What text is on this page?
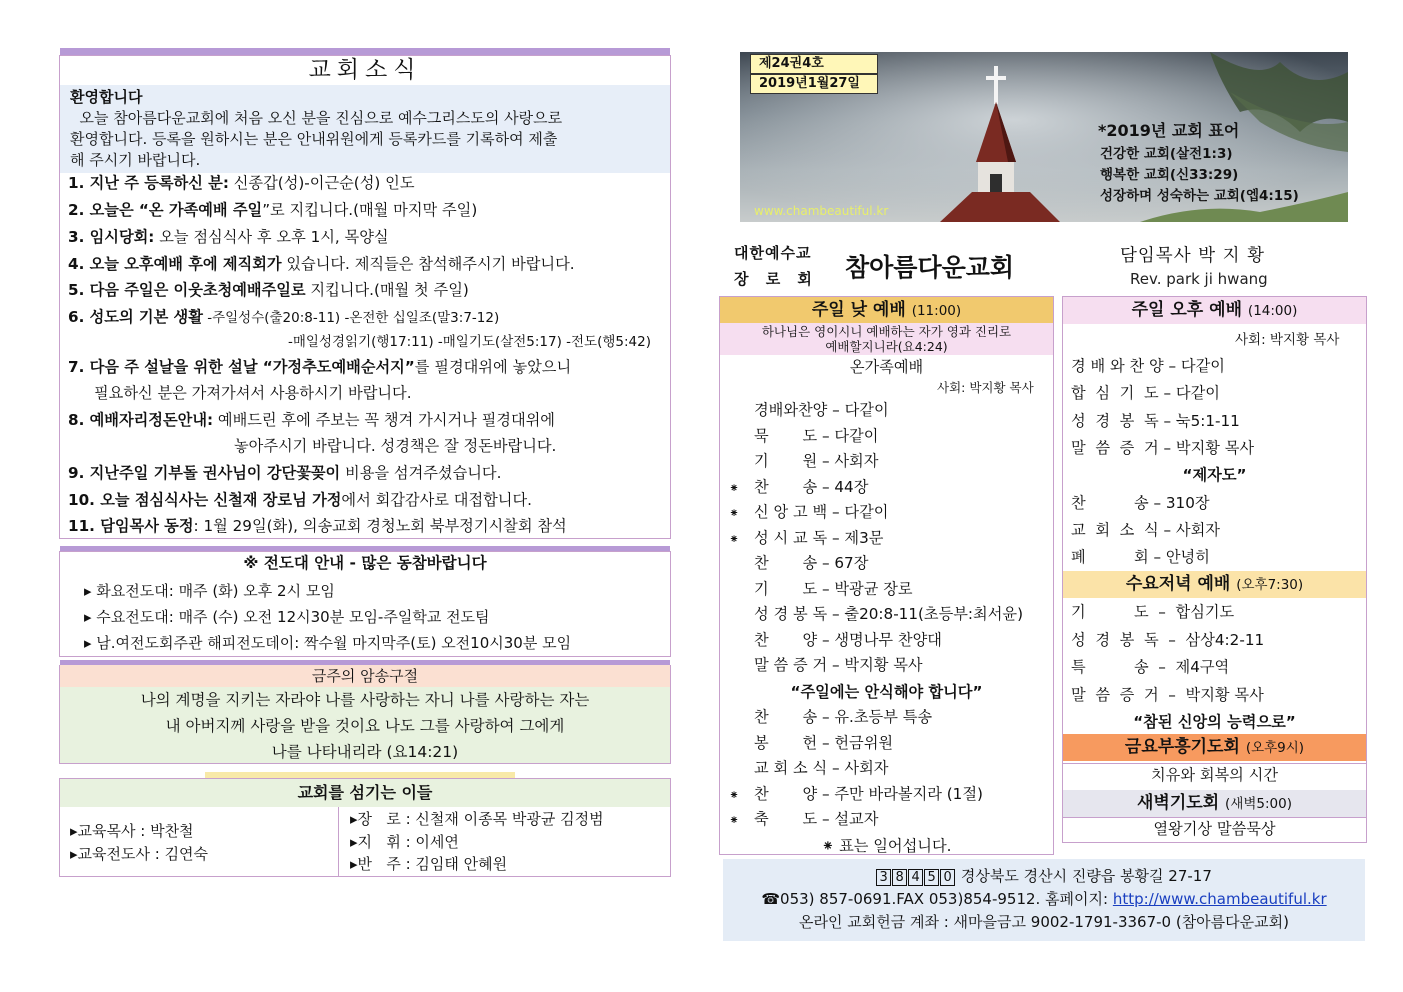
교회소식
환영합니다
오늘 참아름다운교회에 처음 오신 분을 진심으로 예수그리스도의 사랑으로
환영합니다. 등록을 원하시는 분은 안내위원에게 등록카드를 기록하여 제출
해 주시기 바랍니다.
1. 지난 주 등록하신 분: 신종갑(성)-이근순(성) 인도
2. 오늘은 “온 가족예배 주일”로 지킵니다.(매월 마지막 주일)
3. 임시당회: 오늘 점심식사 후 오후 1시, 목양실
4. 오늘 오후예배 후에 제직회가 있습니다. 제직들은 참석해주시기 바랍니다.
5. 다음 주일은 이웃초청예배주일로 지킵니다.(매월 첫 주일)
6. 성도의 기본 생활 -주일성수(출20:8-11) -온전한 십일조(말3:7-12)
-매일성경읽기(행17:11) -매일기도(살전5:17) -전도(행5:42)
7. 다음 주 설날을 위한 설날 “가정추도예배순서지”를 필경대위에 놓았으니
필요하신 분은 가져가셔서 사용하시기 바랍니다.
8. 예배자리정돈안내: 예배드린 후에 주보는 꼭 챙겨 가시거나 필경대위에
놓아주시기 바랍니다. 성경책은 잘 정돈바랍니다.
9. 지난주일 기부돌 권사님이 강단꽃꽂이 비용을 섬겨주셨습니다.
10. 오늘 점심식사는 신철재 장로님 가정에서 회갑감사로 대접합니다.
11. 담임목사 동정: 1월 29일(화), 의송교회 경청노회 북부정기시찰회 참석
※ 전도대 안내 - 많은 동참바랍니다
▸ 화요전도대: 매주 (화) 오후 2시 모임
▸ 수요전도대: 매주 (수) 오전 12시30분 모임-주일학교 전도팀
▸ 남.여전도회주관 해피전도데이: 짝수월 마지막주(토) 오전10시30분 모임
금주의 암송구절
나의 계명을 지키는 자라야 나를 사랑하는 자니 나를 사랑하는 자는
내 아버지께 사랑을 받을 것이요 나도 그를 사랑하여 그에게
나를 나타내리라 (요14:21)
교회를 섬기는 이들
▸교육목사 : 박찬철
▸교육전도사 : 김연숙
▸장   로 : 신철재 이종목 박광균 김정범
▸지   휘 : 이세연
▸반   주 : 김임태 안혜원
제24권4호
2019년1월27일
*2019년 교회 표어
건강한 교회(살전1:3)
행복한 교회(신33:29)
성장하며 성숙하는 교회(엡4:15)
www.chambeautiful.kr
대한예수교
장 로 회 참아름다운교회	담임목사 박 지 황
Rev. park ji hwang
주일 낮 예배 (11:00)
하나님은 영이시니 예배하는 자가 영과 진리로
예배할지니라(요4:24)
온가족예배
사회: 박지황 목사
경배와찬양 – 다같이
묵       도 – 다같이
기       원 – 사회자
⁕ 찬       송 – 44장
⁕ 신 앙 고 백 – 다같이
⁕ 성 시 교 독 – 제3문
찬       송 – 67장
기       도 – 박광균 장로
성 경 봉 독 – 출20:8-11(초등부:최서윤)
찬       양 – 생명나무 찬양대
말 씀 증 거 – 박지황 목사
“주일에는 안식해야 합니다”
찬       송 – 유.초등부 특송
봉       헌 – 헌금위원
교 회 소 식 – 사회자
⁕ 찬       양 – 주만 바라볼지라 (1절)
⁕ 축       도 – 설교자
⁕ 표는 일어섭니다.
주일 오후 예배 (14:00)
사회: 박지황 목사
경 배 와 찬 양 – 다같이
합  심  기  도 – 다같이
성  경  봉  독 – 눅5:1-11
말  씀  증  거 – 박지황 목사
“제자도”
찬          송 – 310장
교  회  소  식 – 사회자
폐          회 – 안녕히
수요저녁 예배 (오후7:30)
기          도  –  합심기도
성  경  봉  독  –  삼상4:2-11
특          송  –  제4구역
말  씀  증  거  –  박지황 목사
“참된 신앙의 능력으로”
금요부흥기도회 (오후9시)
치유와 회복의 시간
새벽기도회 (새벽5:00)
열왕기상 말씀묵상
3 8 4 5 0 경상북도 경산시 진량읍 봉황길 27-17
☎053) 857-0691.FAX 053)854-9512. 홈페이지: http://www.chambeautiful.kr
온라인 교회헌금 계좌 : 새마을금고 9002-1791-3367-0 (참아름다운교회)
